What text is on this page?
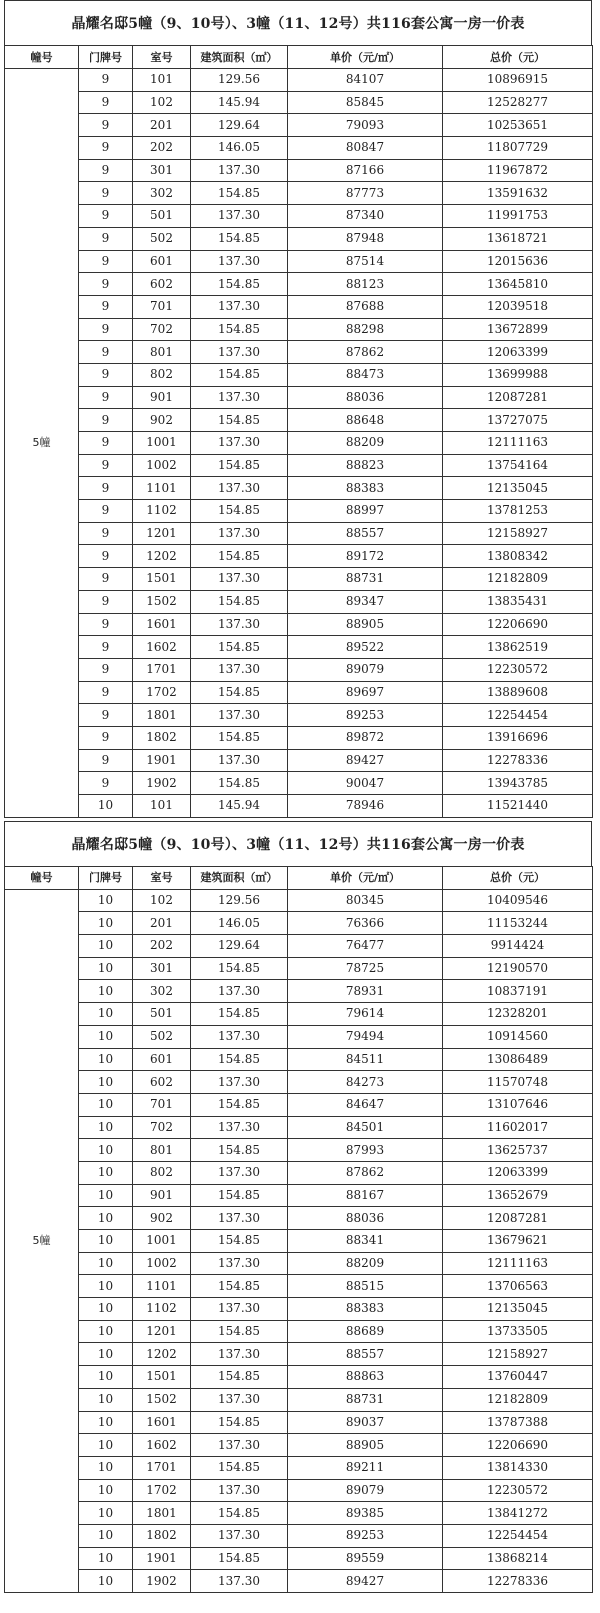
晶耀名邸5幢（9、10号）、3幢（11、12号）共116套公寓一房一价表
幢号	门牌号	室号	建筑面积（㎡）	单价（元/㎡）	总价（元）
5幢	9	101	129.56	84107	10896915
	9	102	145.94	85845	12528277
	9	201	129.64	79093	10253651
	9	202	146.05	80847	11807729
	9	301	137.30	87166	11967872
	9	302	154.85	87773	13591632
	9	501	137.30	87340	11991753
	9	502	154.85	87948	13618721
	9	601	137.30	87514	12015636
	9	602	154.85	88123	13645810
	9	701	137.30	87688	12039518
	9	702	154.85	88298	13672899
	9	801	137.30	87862	12063399
	9	802	154.85	88473	13699988
	9	901	137.30	88036	12087281
	9	902	154.85	88648	13727075
	9	1001	137.30	88209	12111163
	9	1002	154.85	88823	13754164
	9	1101	137.30	88383	12135045
	9	1102	154.85	88997	13781253
	9	1201	137.30	88557	12158927
	9	1202	154.85	89172	13808342
	9	1501	137.30	88731	12182809
	9	1502	154.85	89347	13835431
	9	1601	137.30	88905	12206690
	9	1602	154.85	89522	13862519
	9	1701	137.30	89079	12230572
	9	1702	154.85	89697	13889608
	9	1801	137.30	89253	12254454
	9	1802	154.85	89872	13916696
	9	1901	137.30	89427	12278336
	9	1902	154.85	90047	13943785
	10	101	145.94	78946	11521440
晶耀名邸5幢（9、10号）、3幢（11、12号）共116套公寓一房一价表
幢号	门牌号	室号	建筑面积（㎡）	单价（元/㎡）	总价（元）
5幢	10	102	129.56	80345	10409546
	10	201	146.05	76366	11153244
	10	202	129.64	76477	9914424
	10	301	154.85	78725	12190570
	10	302	137.30	78931	10837191
	10	501	154.85	79614	12328201
	10	502	137.30	79494	10914560
	10	601	154.85	84511	13086489
	10	602	137.30	84273	11570748
	10	701	154.85	84647	13107646
	10	702	137.30	84501	11602017
	10	801	154.85	87993	13625737
	10	802	137.30	87862	12063399
	10	901	154.85	88167	13652679
	10	902	137.30	88036	12087281
	10	1001	154.85	88341	13679621
	10	1002	137.30	88209	12111163
	10	1101	154.85	88515	13706563
	10	1102	137.30	88383	12135045
	10	1201	154.85	88689	13733505
	10	1202	137.30	88557	12158927
	10	1501	154.85	88863	13760447
	10	1502	137.30	88731	12182809
	10	1601	154.85	89037	13787388
	10	1602	137.30	88905	12206690
	10	1701	154.85	89211	13814330
	10	1702	137.30	89079	12230572
	10	1801	154.85	89385	13841272
	10	1802	137.30	89253	12254454
	10	1901	154.85	89559	13868214
	10	1902	137.30	89427	12278336
